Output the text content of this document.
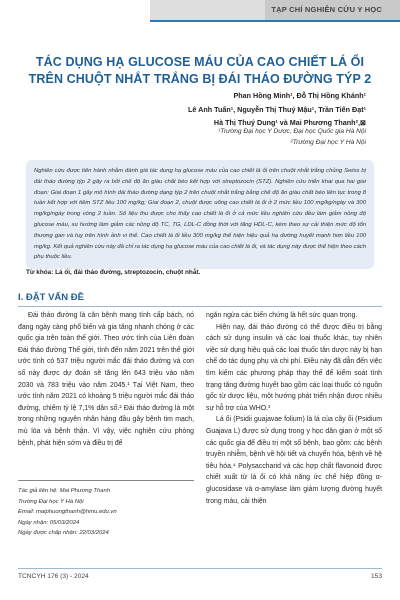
TẠP CHÍ NGHIÊN CỨU Y HỌC
TÁC DỤNG HẠ GLUCOSE MÁU CỦA CAO CHIẾT LÁ ỔI
TRÊN CHUỘT NHẮT TRẮNG BỊ ĐÁI THÁO ĐƯỜNG TÝP 2
Phan Hồng Minh¹, Đỗ Thị Hồng Khánh¹
Lê Anh Tuấn¹, Nguyễn Thị Thuý Mậu¹, Trần Tiến Đạt¹
Hà Thị Thuý Dung¹ và Mai Phương Thanh²,⊠
¹Trường Đại học Y Dược, Đại học Quốc gia Hà Nội
²Trường Đại học Y Hà Nội
Nghiên cứu được tiến hành nhằm đánh giá tác dụng hạ glucose máu của cao chiết lá ổi trên chuột nhắt trắng chủng Swiss bị đái tháo đường týp 2 gây ra bởi chế độ ăn giàu chất béo kết hợp với streptozocin (STZ). Nghiên cứu triển khai qua hai giai đoạn: Giai đoạn 1 gây mô hình đái tháo đường dạng týp 2 trên chuột nhắt trắng bằng chế độ ăn giàu chất béo liên tục trong 8 tuần kết hợp với tiêm STZ liều 100 mg/kg; Giai đoạn 2, chuột được uống cao chiết lá ổi ở 2 mức liều 100 mg/kg/ngày và 300 mg/kg/ngày trong vòng 2 tuần. Số liệu thu được cho thấy cao chiết lá ổi ở cả mức liều nghiên cứu đều làm giảm nồng độ glucose máu, xu hướng làm giảm các nồng độ TC, TG, LDL-C đồng thời với tăng HDL-C, kèm theo sự cải thiện mức độ tổn thương gan và tuỵ trên hình ảnh vi thể. Cao chiết lá ổi liều 300 mg/kg thể hiện hiệu quả hạ đường huyết mạnh hơn liều 100 mg/kg. Kết quả nghiên cứu này đã chỉ ra tác dụng hạ glucose máu của cao chiết lá ổi, và tác dụng này được thể hiện theo cách phụ thuộc liều.
Từ khóa: Lá ổi, đái tháo đường, streptozocin, chuột nhắt.
I. ĐẶT VẤN ĐỀ

Đái tháo đường là căn bệnh mang tính cấp bách, nó đang ngày càng phổ biến và gia tăng nhanh chóng ở các quốc gia trên toàn thế giới. Theo ước tính của Liên đoàn Đái tháo đường Thế giới, tính đến năm 2021 trên thế giới ước tính có 537 triệu người mắc đái tháo đường và con số này được dự đoán sẽ tăng lên 643 triệu vào năm 2030 và 783 triệu vào năm 2045.¹ Tại Việt Nam, theo ước tính năm 2021 có khoảng 5 triệu người mắc đái tháo đường, chiếm tỷ lệ 7,1% dân số.² Đái tháo đường là một trong những nguyên nhân hàng đầu gây bệnh tim mạch, mù lòa và bệnh thận. Vì vậy, việc nghiên cứu phòng bệnh, phát hiện sớm và điều trị để

ngăn ngừa các biến chứng là hết sức quan trọng.

Hiện nay, đái tháo đường có thể được điều trị bằng cách sử dụng insulin và các loại thuốc khác, tuy nhiên việc sử dụng hiệu quả các loại thuốc tân dược này bị hạn chế do tác dụng phụ và chi phí. Điều này đã dẫn đến việc tìm kiếm các phương pháp thay thế để kiểm soát tình trạng tăng đường huyết bao gồm các loại thuốc có nguồn gốc từ dược liệu, một hướng phát triển nhận được nhiều sự hỗ trợ của WHO.³

Lá ổi (Psidii guajavae folium) là lá của cây ổi (Psidium Guajava L) được sử dụng trong y học dân gian ở một số các quốc gia để điều trị một số bệnh, bao gồm: các bệnh truyền nhiễm, bệnh về hội tiết và chuyển hóa, bệnh về hệ tiêu hóa.⁴ Polysaccharid và các hợp chất flavonoid được chiết xuất từ lá ổi có khả năng ức chế hiệp đồng α-glucosidase và α-amylase làm giảm lượng đường huyết trong máu, cải thiện

Tác giả liên hệ: Mai Phương Thanh
Trường Đại học Y Hà Nội
Email: maiphuongthanh@hmu.edu.vn
Ngày nhận: 05/03/2024
Ngày được chấp nhận: 22/03/2024
TCNCYH 176 (3) - 2024	153
